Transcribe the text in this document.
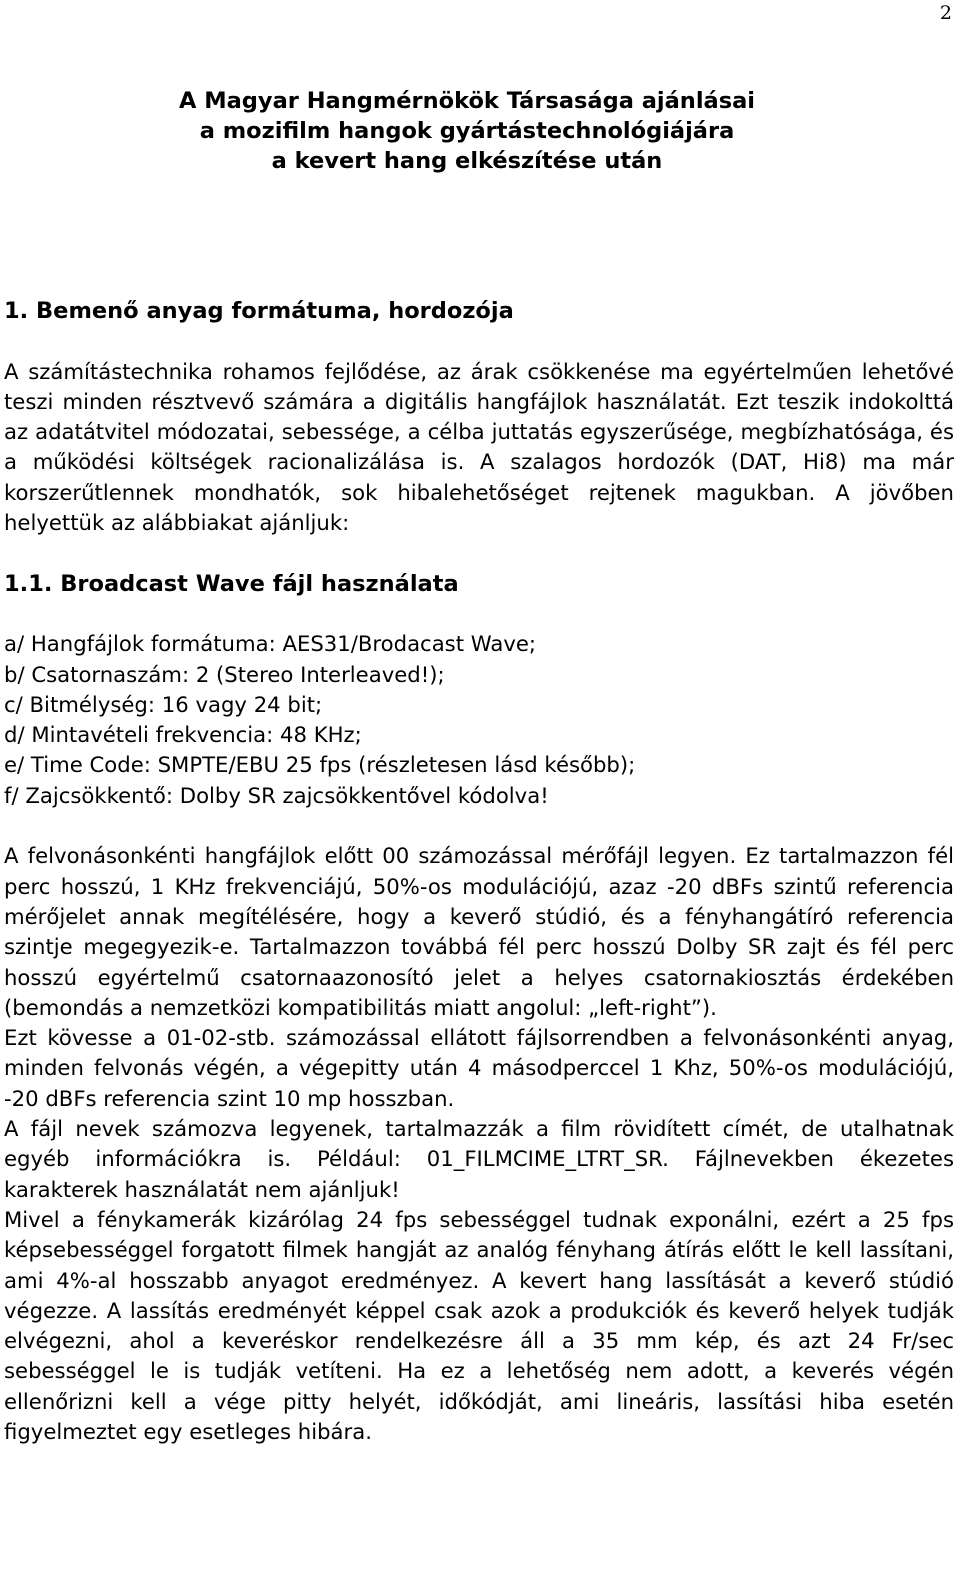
2
A Magyar Hangmérnökök Társasága ajánlásai
a mozifilm hangok gyártástechnológiájára
a kevert hang elkészítése után
1. Bemenő anyag formátuma, hordozója

A számítástechnika rohamos fejlődése, az árak csökkenése ma egyértelműen lehetővé teszi minden résztvevő számára a digitális hangfájlok használatát. Ezt teszik indokolttá az adatátvitel módozatai, sebessége, a célba juttatás egyszerűsége, megbízhatósága, és a működési költségek racionalizálása is. A szalagos hordozók (DAT, Hi8) ma már korszerűtlennek mondhatók, sok hibalehetőséget rejtenek magukban. A jövőben helyettük az alábbiakat ajánljuk:

1.1. Broadcast Wave fájl használata
a/ Hangfájlok formátuma: AES31/Brodacast Wave;
b/ Csatornaszám: 2 (Stereo Interleaved!);
c/ Bitmélység: 16 vagy 24 bit;
d/ Mintavételi frekvencia: 48 KHz;
e/ Time Code: SMPTE/EBU 25 fps (részletesen lásd később);
f/ Zajcsökkentő: Dolby SR zajcsökkentővel kódolva!

A felvonásonkénti hangfájlok előtt 00 számozással mérőfájl legyen. Ez tartalmazzon fél perc hosszú, 1 KHz frekvenciájú, 50%-os modulációjú, azaz -20 dBFs szintű referencia mérőjelet annak megítélésére, hogy a keverő stúdió, és a fényhangátíró referencia szintje megegyezik-e. Tartalmazzon továbbá fél perc hosszú Dolby SR zajt és fél perc hosszú egyértelmű csatornaazonosító jelet a helyes csatornakiosztás érdekében (bemondás a nemzetközi kompatibilitás miatt angolul: „left-right”).

Ezt kövesse a 01-02-stb. számozással ellátott fájlsorrendben a felvonásonkénti anyag, minden felvonás végén, a végepitty után 4 másodperccel 1 Khz, 50%-os modulációjú, -20 dBFs referencia szint 10 mp hosszban.

A fájl nevek számozva legyenek, tartalmazzák a film rövidített címét, de utalhatnak egyéb információkra is. Például: 01_FILMCIME_LTRT_SR. Fájlnevekben ékezetes karakterek használatát nem ajánljuk!

Mivel a fénykamerák kizárólag 24 fps sebességgel tudnak exponálni, ezért a 25 fps képsebességgel forgatott filmek hangját az analóg fényhang átírás előtt le kell lassítani, ami 4%-al hosszabb anyagot eredményez. A kevert hang lassítását a keverő stúdió végezze. A lassítás eredményét képpel csak azok a produkciók és keverő helyek tudják elvégezni, ahol a keveréskor rendelkezésre áll a 35 mm kép, és azt 24 Fr/sec sebességgel le is tudják vetíteni. Ha ez a lehetőség nem adott, a keverés végén ellenőrizni kell a vége pitty helyét, időkódját, ami lineáris, lassítási hiba esetén figyelmeztet egy esetleges hibára.
